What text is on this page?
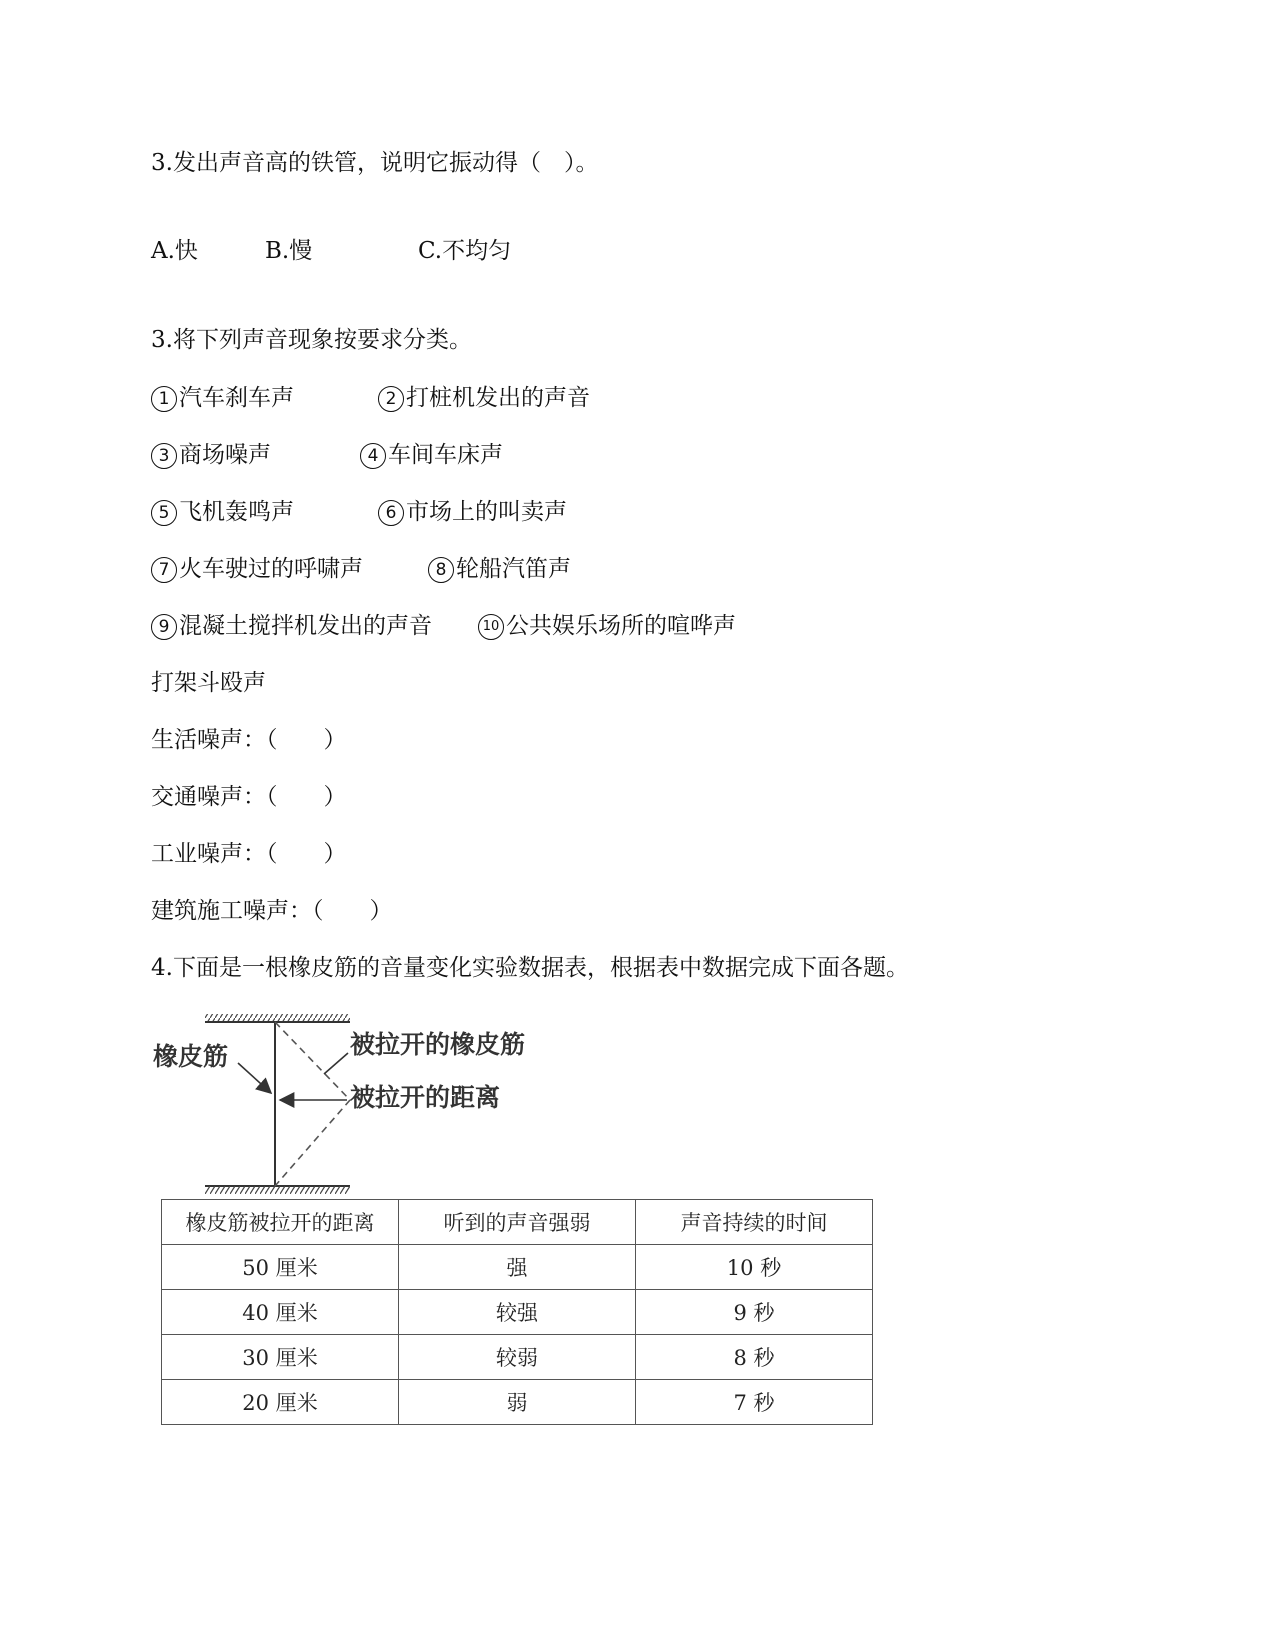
3.发出声音高的铁管，说明它振动得（　）。
A.快	B.慢	C.不均匀
3.将下列声音现象按要求分类。
1 汽车刹车声	2 打桩机发出的声音
3 商场噪声	4 车间车床声
5 飞机轰鸣声	6 市场上的叫卖声
7 火车驶过的呼啸声	8 轮船汽笛声
9 混凝土搅拌机发出的声音	10 公共娱乐场所的喧哗声
打架斗殴声
生活噪声：（　　）
交通噪声：（　　）
工业噪声：（　　）
建筑施工噪声：（　　）
4.下面是一根橡皮筋的音量变化实验数据表，根据表中数据完成下面各题。
橡皮筋	被拉开的橡皮筋
被拉开的距离
橡皮筋被拉开的距离	听到的声音强弱	声音持续的时间
50 厘米	强	10 秒
40 厘米	较强	9 秒
30 厘米	较弱	8 秒
20 厘米	弱	7 秒
